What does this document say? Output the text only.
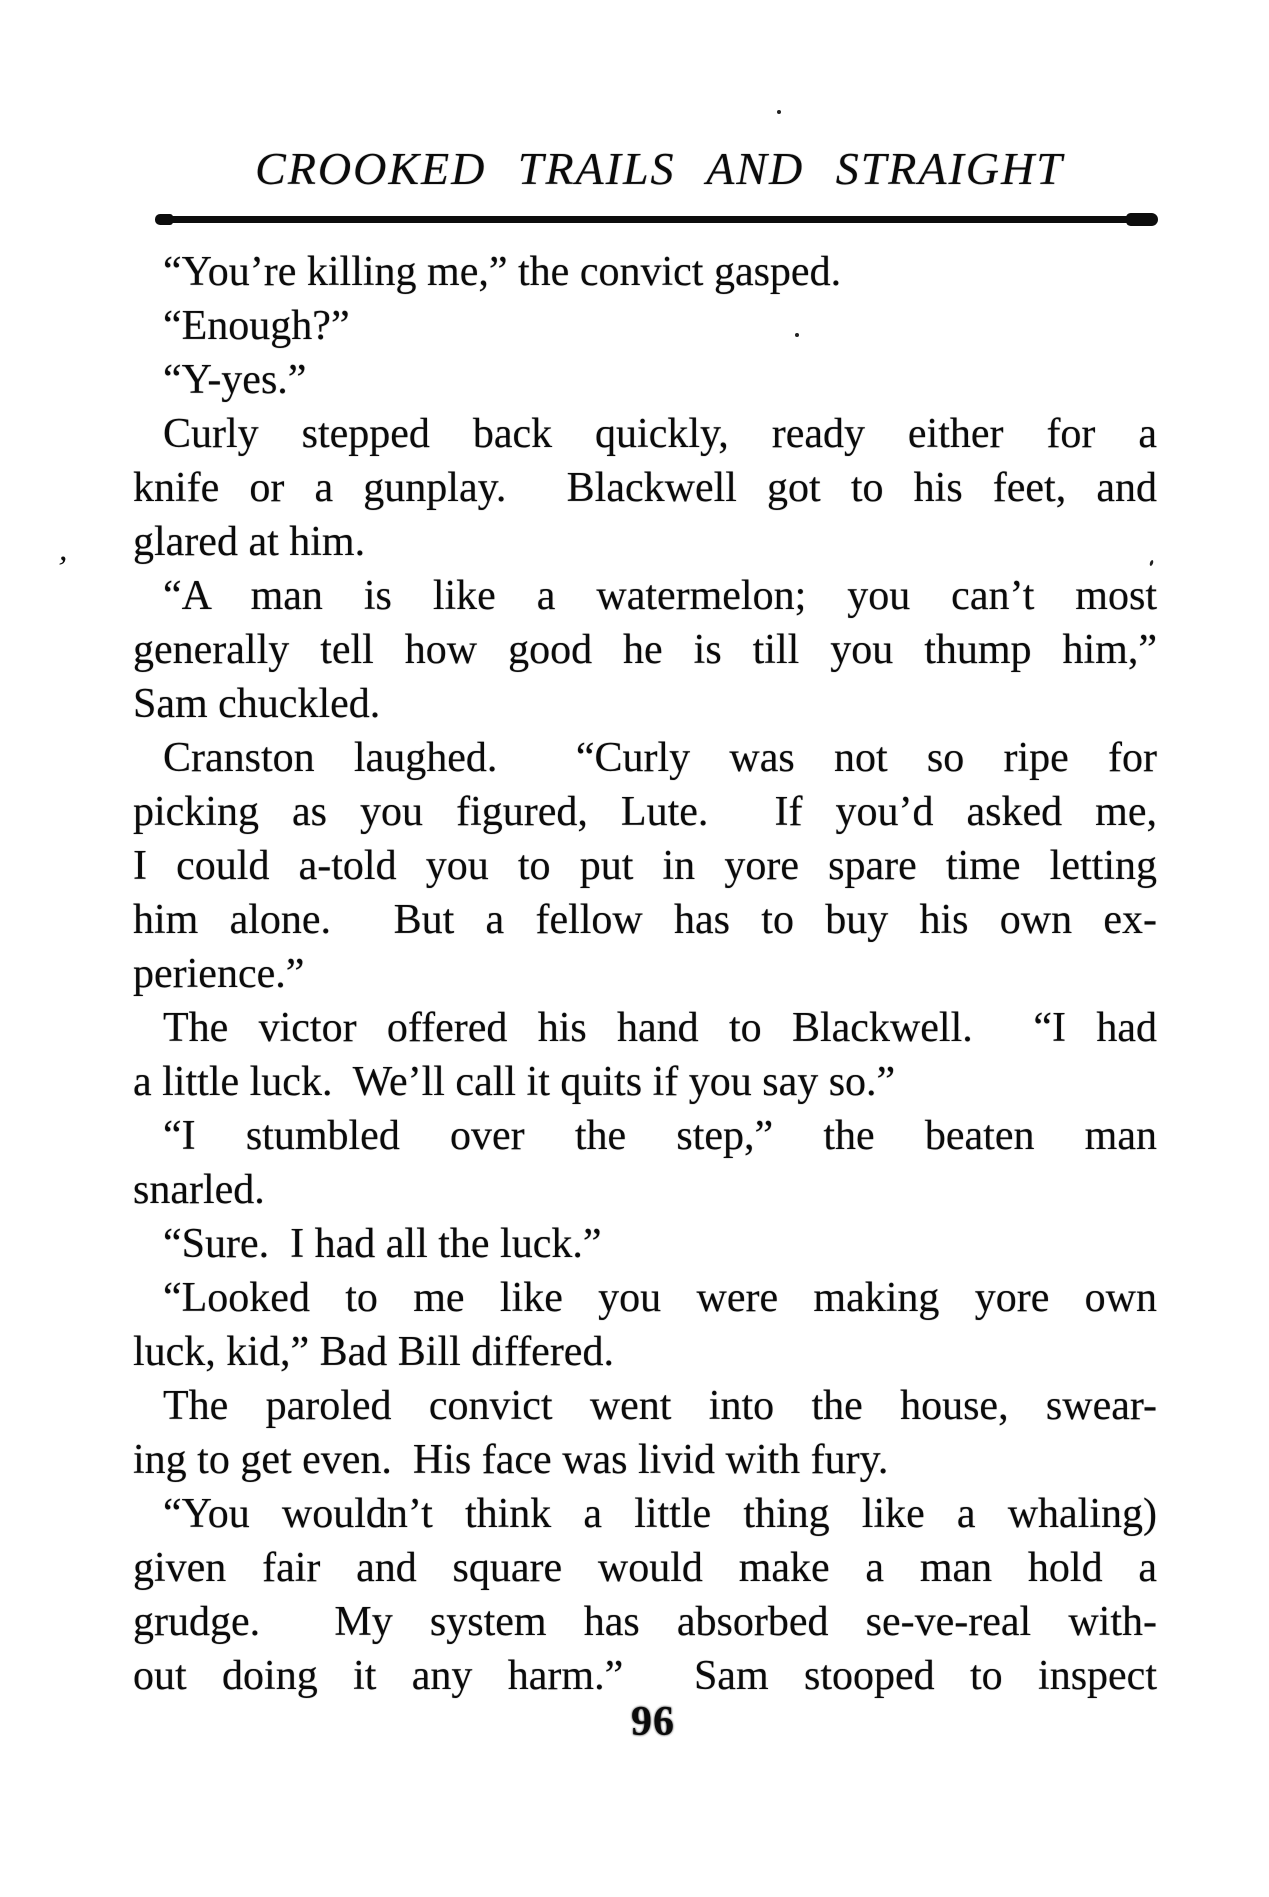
CROOKED TRAILS AND STRAIGHT
’
“You’re killing me,” the convict gasped.
“Enough?”
“Y-yes.”
Curly stepped back quickly, ready either for a
knife or a gunplay.  Blackwell got to his feet, and
glared at him.
“A man is like a watermelon; you can’t most
generally tell how good he is till you thump him,”
Sam chuckled.
Cranston laughed.  “Curly was not so ripe for
picking as you figured, Lute.  If you’d asked me,
I could a-told you to put in yore spare time letting
him alone.  But a fellow has to buy his own ex-
perience.”
The victor offered his hand to Blackwell.  “I had
a little luck.  We’ll call it quits if you say so.”
“I stumbled over the step,” the beaten man
snarled.
“Sure.  I had all the luck.”
“Looked to me like you were making yore own
luck, kid,” Bad Bill differed.
The paroled convict went into the house, swear-
ing to get even.  His face was livid with fury.
“You wouldn’t think a little thing like a whaling)
given fair and square would make a man hold a
grudge.  My system has absorbed se-ve-real with-
out doing it any harm.”  Sam stooped to inspect
96
